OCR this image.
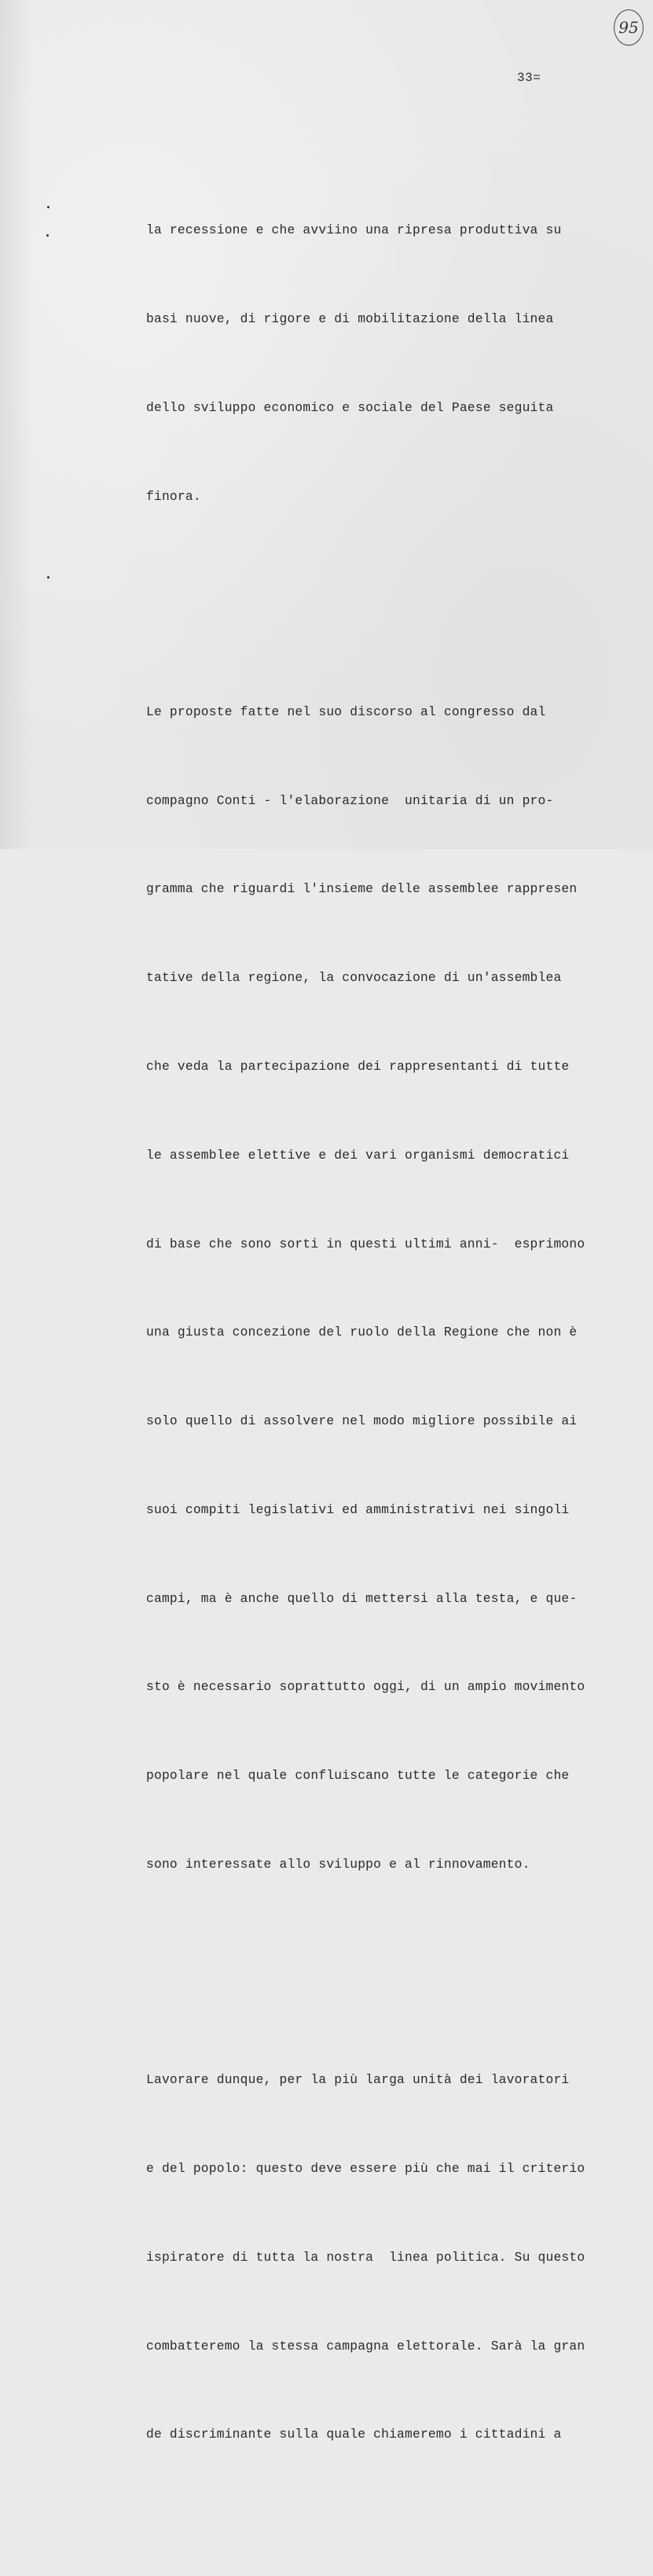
95
33=

la recessione e che avviino una ripresa produttiva su

basi nuove, di rigore e di mobilitazione della linea

dello sviluppo economico e sociale del Paese seguita

finora.

Le proposte fatte nel suo discorso al congresso dal

compagno Conti - l'elaborazione  unitaria di un pro-

gramma che riguardi l'insieme delle assemblee rappresen

tative della regione, la convocazione di un'assemblea

che veda la partecipazione dei rappresentanti di tutte

le assemblee elettive e dei vari organismi democratici

di base che sono sorti in questi ultimi anni-  esprimono

una giusta concezione del ruolo della Regione che non è

solo quello di assolvere nel modo migliore possibile ai

suoi compiti legislativi ed amministrativi nei singoli

campi, ma è anche quello di mettersi alla testa, e que-

sto è necessario soprattutto oggi, di un ampio movimento

popolare nel quale confluiscano tutte le categorie che

sono interessate allo sviluppo e al rinnovamento.

Lavorare dunque, per la più larga unità dei lavoratori

e del popolo: questo deve essere più che mai il criterio

ispiratore di tutta la nostra  linea politica. Su questo

combatteremo la stessa campagna elettorale. Sarà la gran

de discriminante sulla quale chiameremo i cittadini a
